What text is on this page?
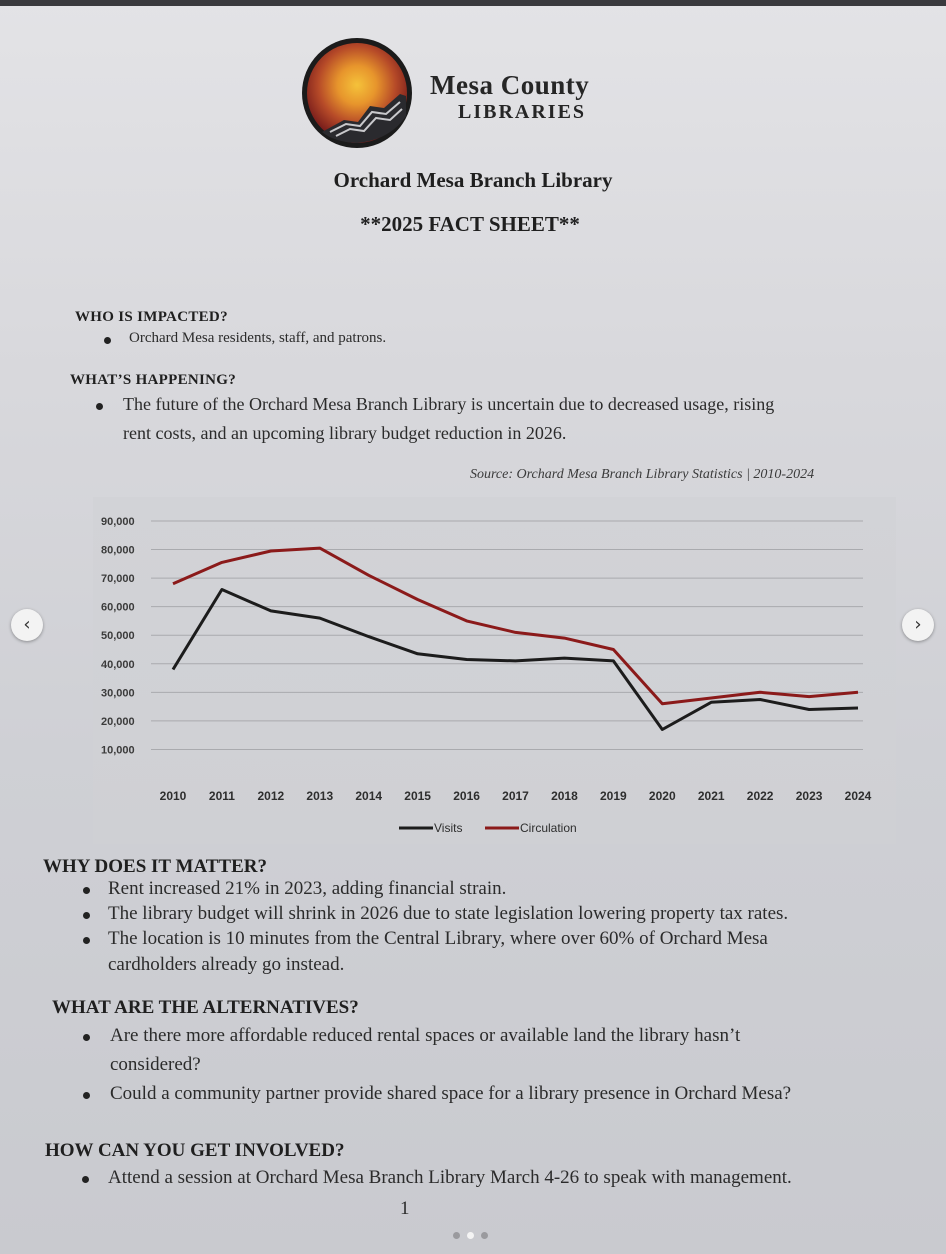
Mesa County
LIBRARIES
Orchard Mesa Branch Library
**2025 FACT SHEET**
WHO IS IMPACTED?
Orchard Mesa residents, staff, and patrons.
WHAT’S HAPPENING?
The future of the Orchard Mesa Branch Library is uncertain due to decreased usage, rising
rent costs, and an upcoming library budget reduction in 2026.
Source: Orchard Mesa Branch Library Statistics | 2010-2024
90,000
80,000
70,000
60,000
50,000
40,000
30,000
20,000
10,000
2010 2011 2012 2013 2014 2015 2016 2017 2018 2019 2020 2021 2022 2023 2024
Visits	Circulation
WHY DOES IT MATTER?
Rent increased 21% in 2023, adding financial strain.
The library budget will shrink in 2026 due to state legislation lowering property tax rates.
The location is 10 minutes from the Central Library, where over 60% of Orchard Mesa
cardholders already go instead.
WHAT ARE THE ALTERNATIVES?
Are there more affordable reduced rental spaces or available land the library hasn’t
considered?
Could a community partner provide shared space for a library presence in Orchard Mesa?
HOW CAN YOU GET INVOLVED?
Attend a session at Orchard Mesa Branch Library March 4-26 to speak with management.
1
‹	›
